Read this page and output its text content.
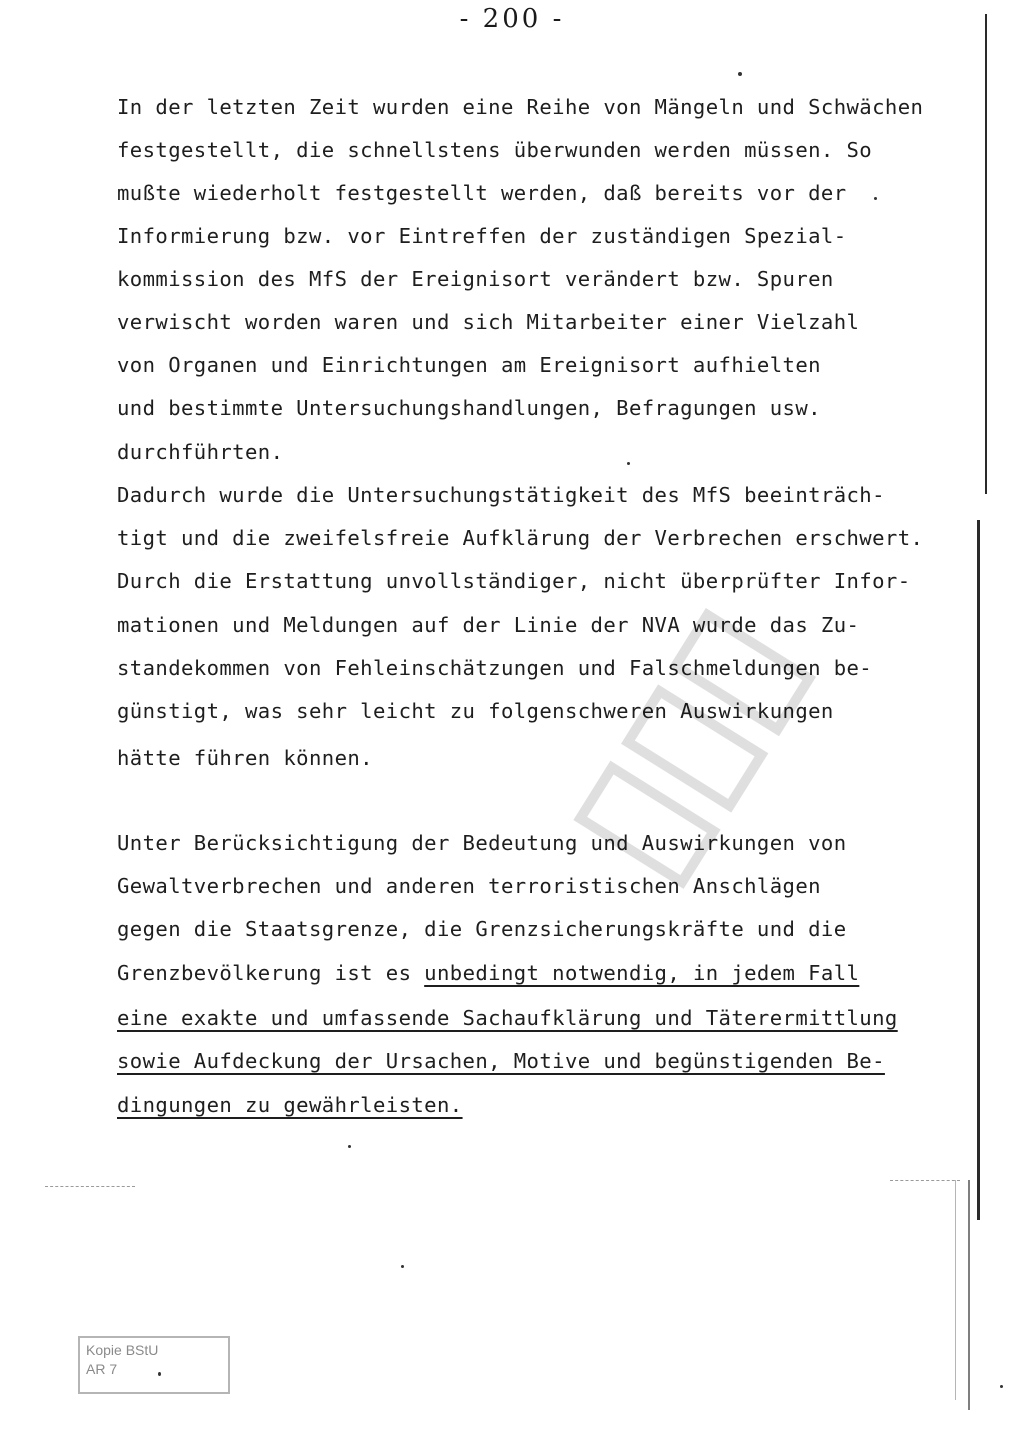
- 200 -
In der letzten Zeit wurden eine Reihe von Mängeln und Schwächen
festgestellt, die schnellstens überwunden werden müssen. So
mußte wiederholt festgestellt werden, daß bereits vor der
Informierung bzw. vor Eintreffen der zuständigen Spezial-
kommission des MfS der Ereignisort verändert bzw. Spuren
verwischt worden waren und sich Mitarbeiter einer Vielzahl
von Organen und Einrichtungen am Ereignisort aufhielten
und bestimmte Untersuchungshandlungen, Befragungen usw.
durchführten.
Dadurch wurde die Untersuchungstätigkeit des MfS beeinträch-
tigt und die zweifelsfreie Aufklärung der Verbrechen erschwert.
Durch die Erstattung unvollständiger, nicht überprüfter Infor-
mationen und Meldungen auf der Linie der NVA wurde das Zu-
standekommen von Fehleinschätzungen und Falschmeldungen be-
günstigt, was sehr leicht zu folgenschweren Auswirkungen
hätte führen können.
Unter Berücksichtigung der Bedeutung und Auswirkungen von
Gewaltverbrechen und anderen terroristischen Anschlägen
gegen die Staatsgrenze, die Grenzsicherungskräfte und die
Grenzbevölkerung ist es unbedingt notwendig, in jedem Fall
eine exakte und umfassende Sachaufklärung und Täterermittlung
sowie Aufdeckung der Ursachen, Motive und begünstigenden Be-
dingungen zu gewährleisten.
Kopie BStU
AR 7
